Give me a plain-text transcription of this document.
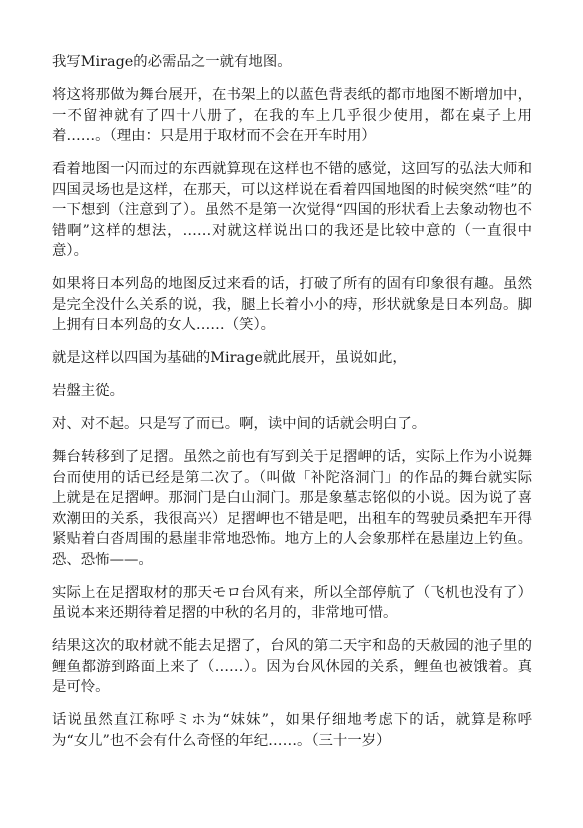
我写Mirage的必需品之一就有地图。

将这将那做为舞台展开，在书架上的以蓝色背表纸的都市地图不断增加中，一不留神就有了四十八册了，在我的车上几乎很少使用，都在桌子上用着……。（理由：只是用于取材而不会在开车时用）

看着地图一闪而过的东西就算现在这样也不错的感觉，这回写的弘法大师和四国灵场也是这样，在那天，可以这样说在看着四国地图的时候突然“哇”的一下想到（注意到了）。虽然不是第一次觉得“四国的形状看上去象动物也不错啊”这样的想法，……对就这样说出口的我还是比较中意的（一直很中意）。

如果将日本列岛的地图反过来看的话，打破了所有的固有印象很有趣。虽然是完全没什么关系的说，我，腿上长着小小的痔，形状就象是日本列岛。脚上拥有日本列岛的女人……（笑）。

就是这样以四国为基础的Mirage就此展开，虽说如此，

岩盤主從。

对、对不起。只是写了而已。啊，读中间的话就会明白了。

舞台转移到了足摺。虽然之前也有写到关于足摺岬的话，实际上作为小说舞台而使用的话已经是第二次了。（叫做「补陀洛洞门」的作品的舞台就实际上就是在足摺岬。那洞门是白山洞门。那是象墓志铭似的小说。因为说了喜欢潮田的关系，我很高兴）足摺岬也不错是吧，出租车的驾驶员桑把车开得紧贴着白沓周围的悬崖非常地恐怖。地方上的人会象那样在悬崖边上钓鱼。恐、恐怖——。

实际上在足摺取材的那天モロ台风有来，所以全部停航了（飞机也没有了）虽说本来还期待着足摺的中秋的名月的，非常地可惜。

结果这次的取材就不能去足摺了，台风的第二天宇和岛的天赦园的池子里的鲤鱼都游到路面上来了（……）。因为台风休园的关系，鲤鱼也被饿着。真是可怜。

话说虽然直江称呼ミホ为“妹妹”，如果仔细地考虑下的话，就算是称呼为“女儿”也不会有什么奇怪的年纪……。（三十一岁）
